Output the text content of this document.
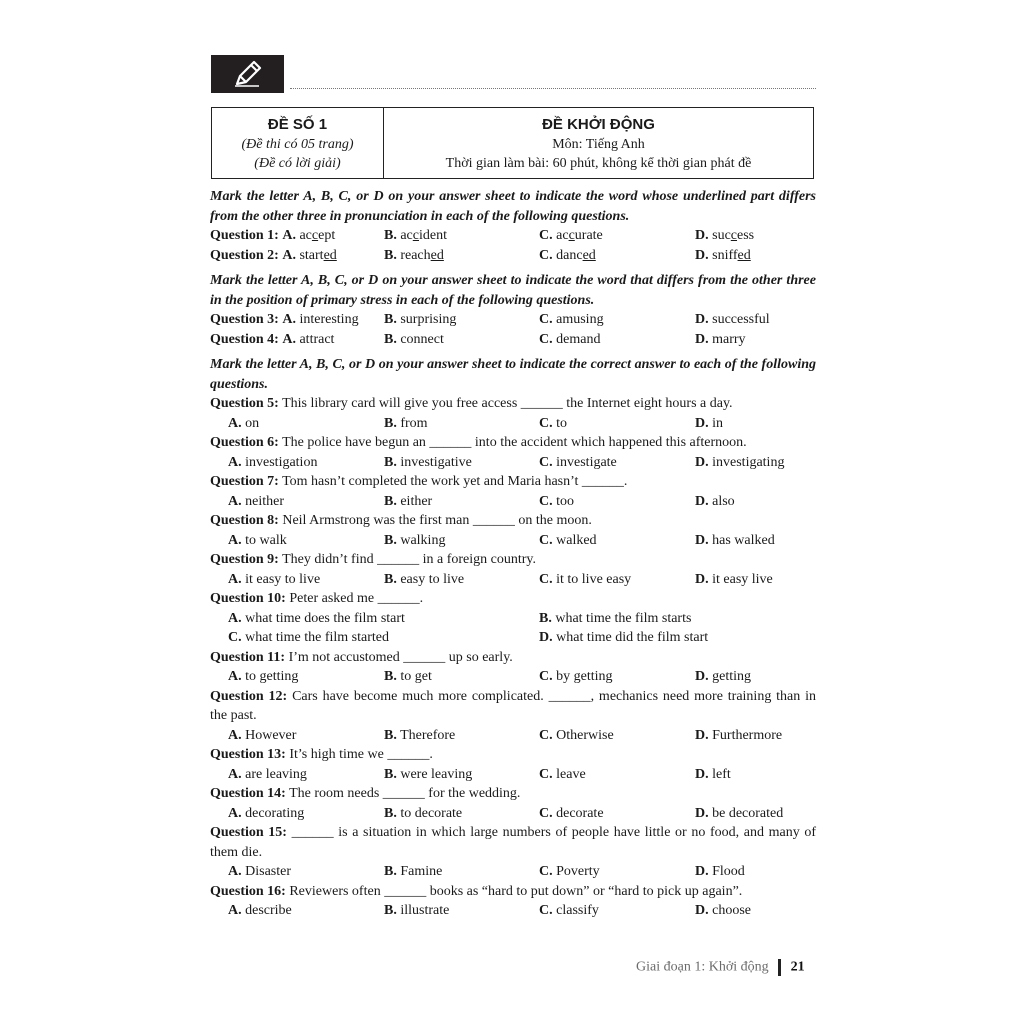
ĐỀ SỐ 1
(Đề thi có 05 trang)
(Đề có lời giải)
ĐỀ KHỞI ĐỘNG
Môn: Tiếng Anh
Thời gian làm bài: 60 phút, không kể thời gian phát đề
Mark the letter A, B, C, or D on your answer sheet to indicate the word whose underlined part differs from the other three in pronunciation in each of the following questions.
Question 1: A. accept	B. accident	C. accurate	D. success
Question 2: A. started	B. reached	C. danced	D. sniffed
Mark the letter A, B, C, or D on your answer sheet to indicate the word that differs from the other three in the position of primary stress in each of the following questions.
Question 3: A. interesting B. surprising	C. amusing	D. successful
Question 4: A. attract	B. connect	C. demand	D. marry
Mark the letter A, B, C, or D on your answer sheet to indicate the correct answer to each of the following questions.
Question 5: This library card will give you free access ______ the Internet eight hours a day.
A. on	B. from	C. to	D. in
Question 6: The police have begun an ______ into the accident which happened this afternoon.
A. investigation	B. investigative	C. investigate	D. investigating
Question 7: Tom hasn’t completed the work yet and Maria hasn’t ______.
A. neither	B. either	C. too	D. also
Question 8: Neil Armstrong was the first man ______ on the moon.
A. to walk	B. walking	C. walked	D. has walked
Question 9: They didn’t find ______ in a foreign country.
A. it easy to live	B. easy to live	C. it to live easy	D. it easy live
Question 10: Peter asked me ______.
A. what time does the film start	B. what time the film starts
C. what time the film started	D. what time did the film start
Question 11: I’m not accustomed ______ up so early.
A. to getting	B. to get	C. by getting	D. getting
Question 12: Cars have become much more complicated. ______, mechanics need more training than in the past.
A. However	B. Therefore	C. Otherwise	D. Furthermore
Question 13: It’s high time we ______.
A. are leaving	B. were leaving	C. leave	D. left
Question 14: The room needs ______ for the wedding.
A. decorating	B. to decorate	C. decorate	D. be decorated
Question 15: ______ is a situation in which large numbers of people have little or no food, and many of them die.
A. Disaster	B. Famine	C. Poverty	D. Flood
Question 16: Reviewers often ______ books as “hard to put down” or “hard to pick up again”.
A. describe	B. illustrate	C. classify	D. choose
Giai đoạn 1: Khởi động 21
